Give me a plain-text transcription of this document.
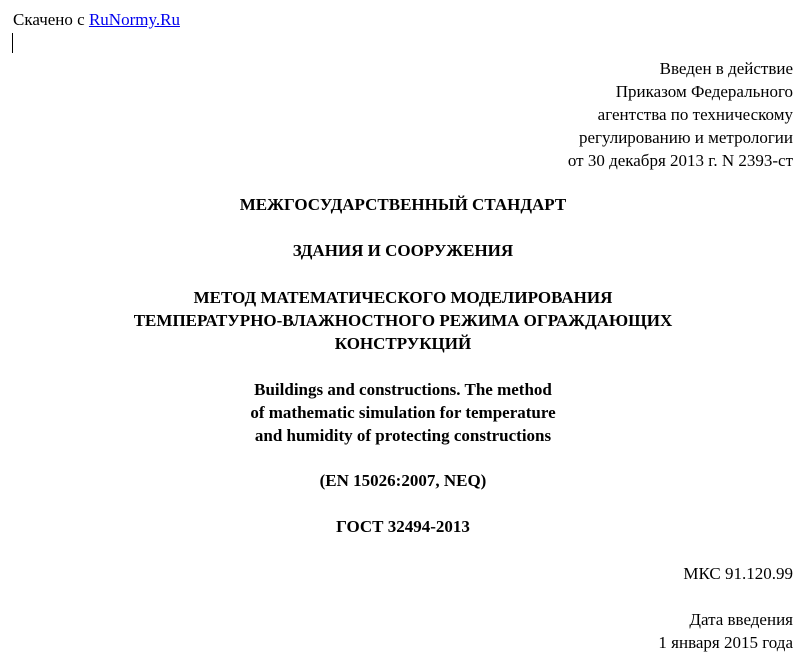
Скачено с RuNormy.Ru

Введен в действие
Приказом Федерального
агентства по техническому
регулированию и метрологии
от 30 декабря 2013 г. N 2393-ст

МЕЖГОСУДАРСТВЕННЫЙ СТАНДАРТ

ЗДАНИЯ И СООРУЖЕНИЯ

МЕТОД МАТЕМАТИЧЕСКОГО МОДЕЛИРОВАНИЯ
ТЕМПЕРАТУРНО-ВЛАЖНОСТНОГО РЕЖИМА ОГРАЖДАЮЩИХ
КОНСТРУКЦИЙ

Buildings and constructions. The method
of mathematic simulation for temperature
and humidity of protecting constructions

(EN 15026:2007, NEQ)

ГОСТ 32494-2013

МКС 91.120.99

Дата введения
1 января 2015 года
